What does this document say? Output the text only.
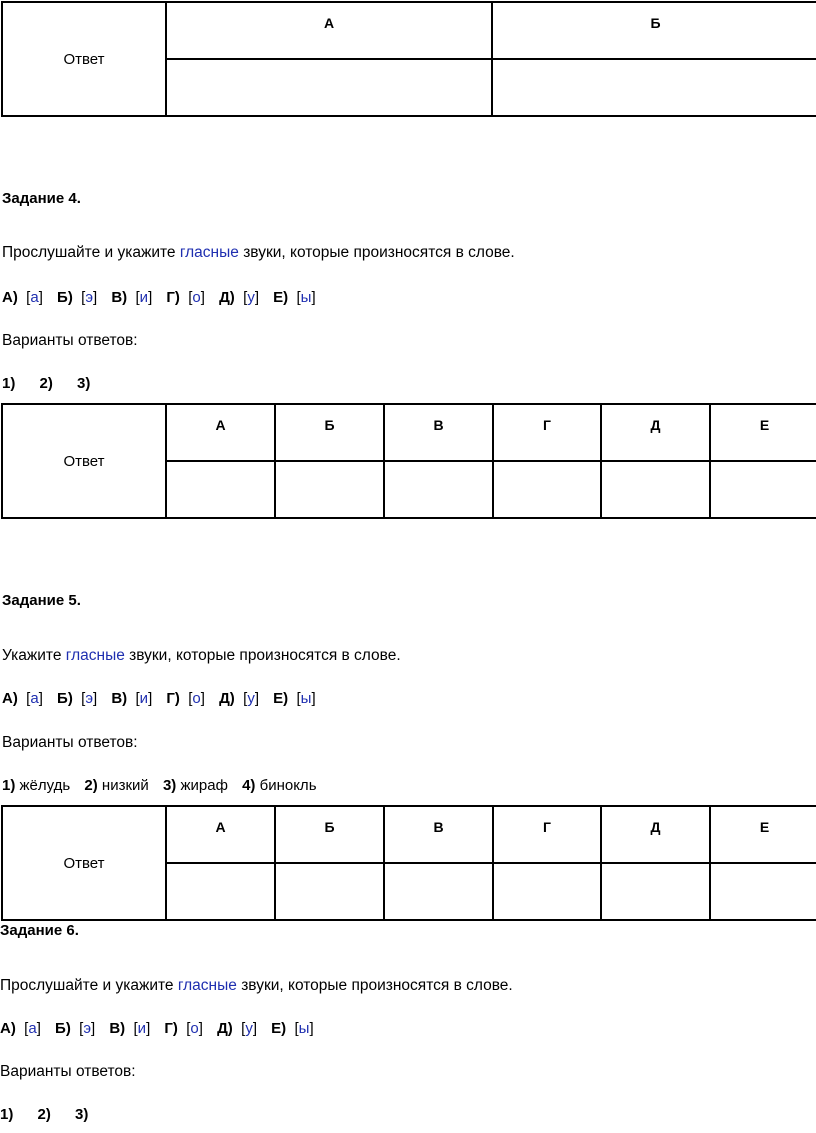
Ответ	А	Б

Задание 4.
Прослушайте и укажите гласные звуки, которые произносятся в слове.
А)  [а] Б)  [э] В)  [и] Г)  [о] Д)  [у] Е)  [ы]
Варианты ответов:
1) 2) 3)
Ответ	А	Б	В	Г	Д	Е

Задание 5.
Укажите гласные звуки, которые произносятся в слове.
А)  [а] Б)  [э] В)  [и] Г)  [о] Д)  [у] Е)  [ы]
Варианты ответов:
1) жёлудь 2) низкий 3) жираф 4) бинокль
Ответ	А	Б	В	Г	Д	Е

Задание 6.
Прослушайте и укажите гласные звуки, которые произносятся в слове.
А)  [а] Б)  [э] В)  [и] Г)  [о] Д)  [у] Е)  [ы]
Варианты ответов:
1) 2) 3)
